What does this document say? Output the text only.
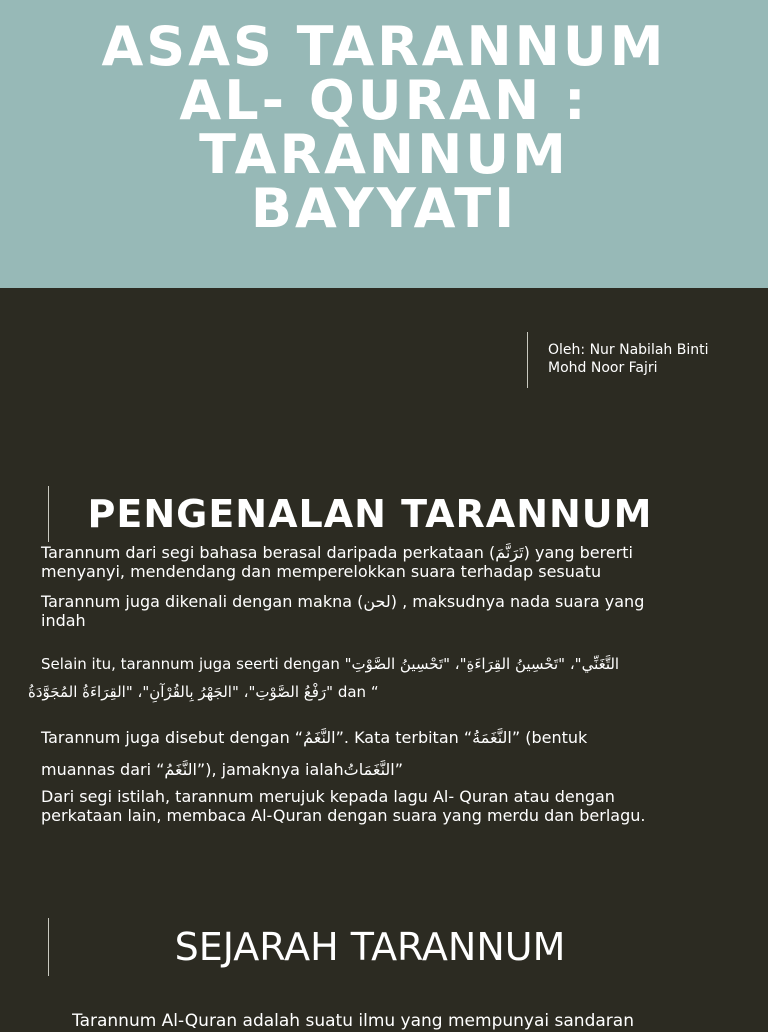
ASAS TARANNUM
AL- QURAN :
TARANNUM
BAYYATI
Oleh: Nur Nabilah Binti
Mohd Noor Fajri
PENGENALAN TARANNUM
Tarannum dari segi bahasa berasal daripada perkataan (تَرَنَّمَ) yang bererti
menyanyi, mendendang dan memperelokkan suara terhadap sesuatu
Tarannum juga dikenali dengan makna (لحن) , maksudnya nada suara yang
indah
Selain itu, tarannum juga seerti dengan "التَّغَنِّي"، "تَحْسِينُ القِرَاءَةِ"، "تَحْسِينُ الصَّوْتِ
رَفْعُ الصَّوْتِ"، "الجَهْرُ بِالقُرْآنِ"، "القِرَاءَةُ المُجَوَّدَةُ" dan “
Tarannum juga disebut dengan “النَّغَمُ”. Kata terbitan “النَّغَمَةُ” (bentuk
muannas dari “النَّغَمُ”), jamaknya ialahالنَّغَمَاتُ”
Dari segi istilah, tarannum merujuk kepada lagu Al- Quran atau dengan
perkataan lain, membaca Al-Quran dengan suara yang merdu dan berlagu.
SEJARAH TARANNUM
Tarannum Al-Quran adalah suatu ilmu yang mempunyai sandaran
